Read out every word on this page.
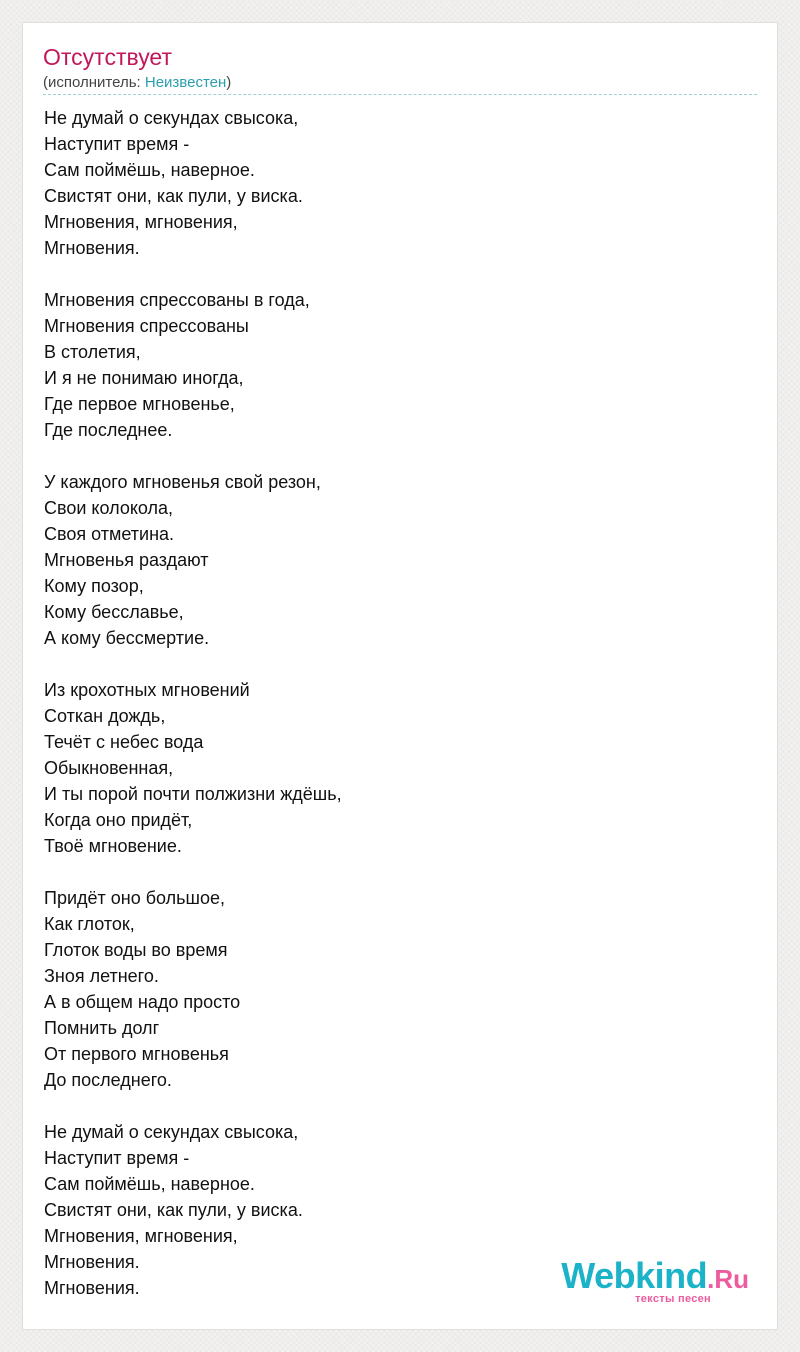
Отсутствует
(исполнитель: Неизвестен)
Не думай о секундах свысока,
Наступит время -
Сам поймёшь, наверное.
Свистят они, как пули, у виска.
Мгновения, мгновения,
Мгновения.
Мгновения спрессованы в года,
Мгновения спрессованы
В столетия,
И я не понимаю иногда,
Где первое мгновенье,
Где последнее.
У каждого мгновенья свой резон,
Свои колокола,
Своя отметина.
Мгновенья раздают
Кому позор,
Кому бесславье,
А кому бессмертие.
Из крохотных мгновений
Соткан дождь,
Течёт с небес вода
Обыкновенная,
И ты порой почти полжизни ждёшь,
Когда оно придёт,
Твоё мгновение.
Придёт оно большое,
Как глоток,
Глоток воды во время
Зноя летнего.
А в общем надо просто
Помнить долг
От первого мгновенья
До последнего.
Не думай о секундах свысока,
Наступит время -
Сам поймёшь, наверное.
Свистят они, как пули, у виска.
Мгновения, мгновения,
Мгновения.
Мгновения.	Webkind.Ru
тексты песен
